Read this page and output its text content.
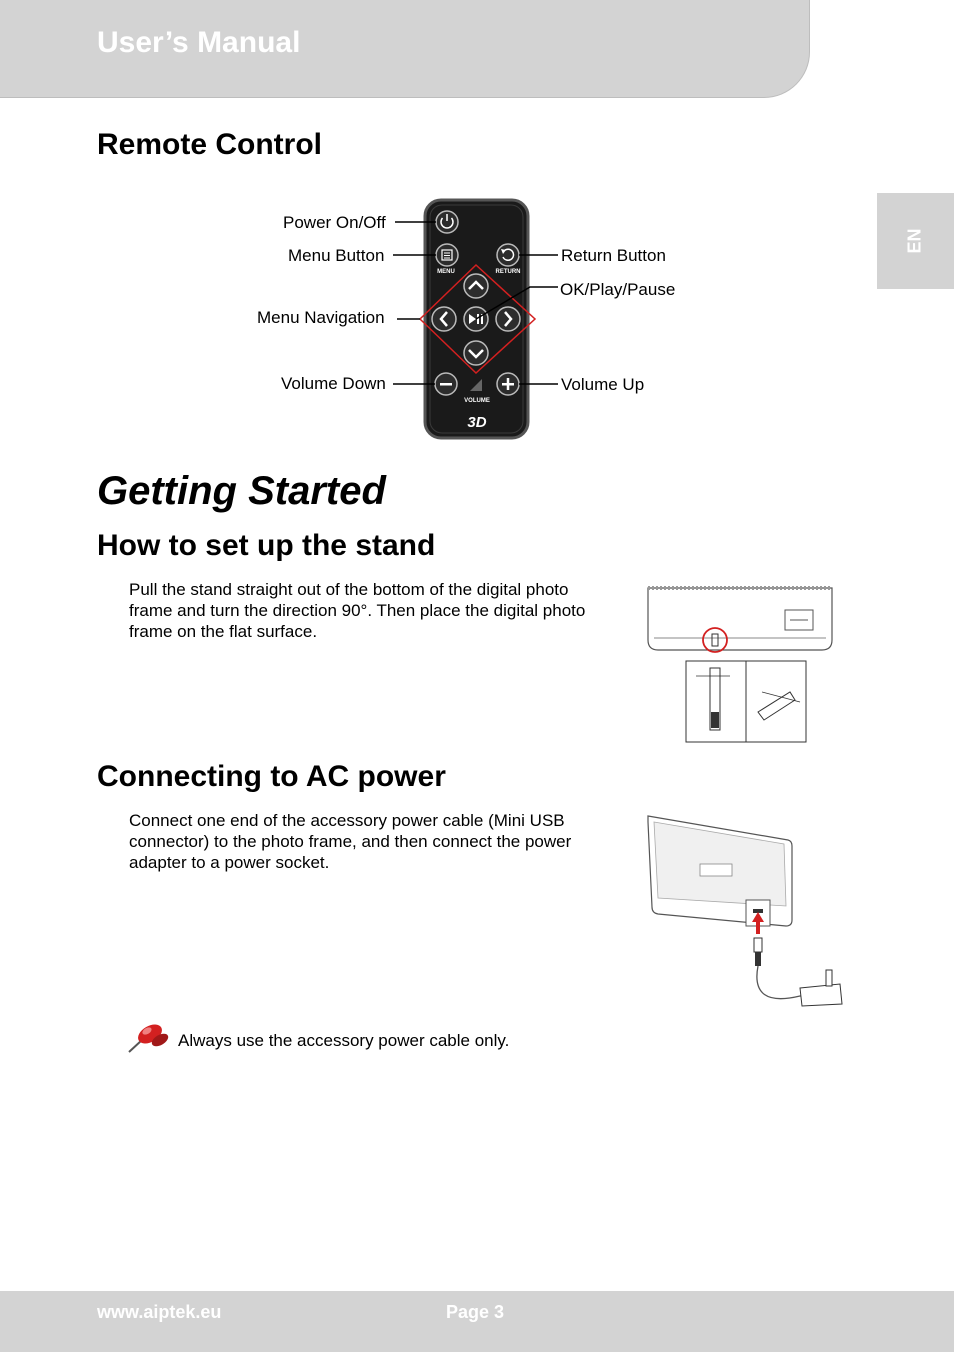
User’s Manual
EN
Remote Control
MENU	RETURN
VOLUME
3D
Power On/Off
Menu Button
Menu Navigation
Volume Down
Return Button
OK/Play/Pause
Volume Up
Getting Started
How to set up the stand
Pull the stand straight out of the bottom of the digital photo
frame and turn the direction 90°. Then place the digital photo
frame on the flat surface.
Connecting to AC power
Connect one end of the accessory power cable (Mini USB
connector) to the photo frame, and then connect the power
adapter to a power socket.
Always use the accessory power cable only.
www.aiptek.eu	Page 3
